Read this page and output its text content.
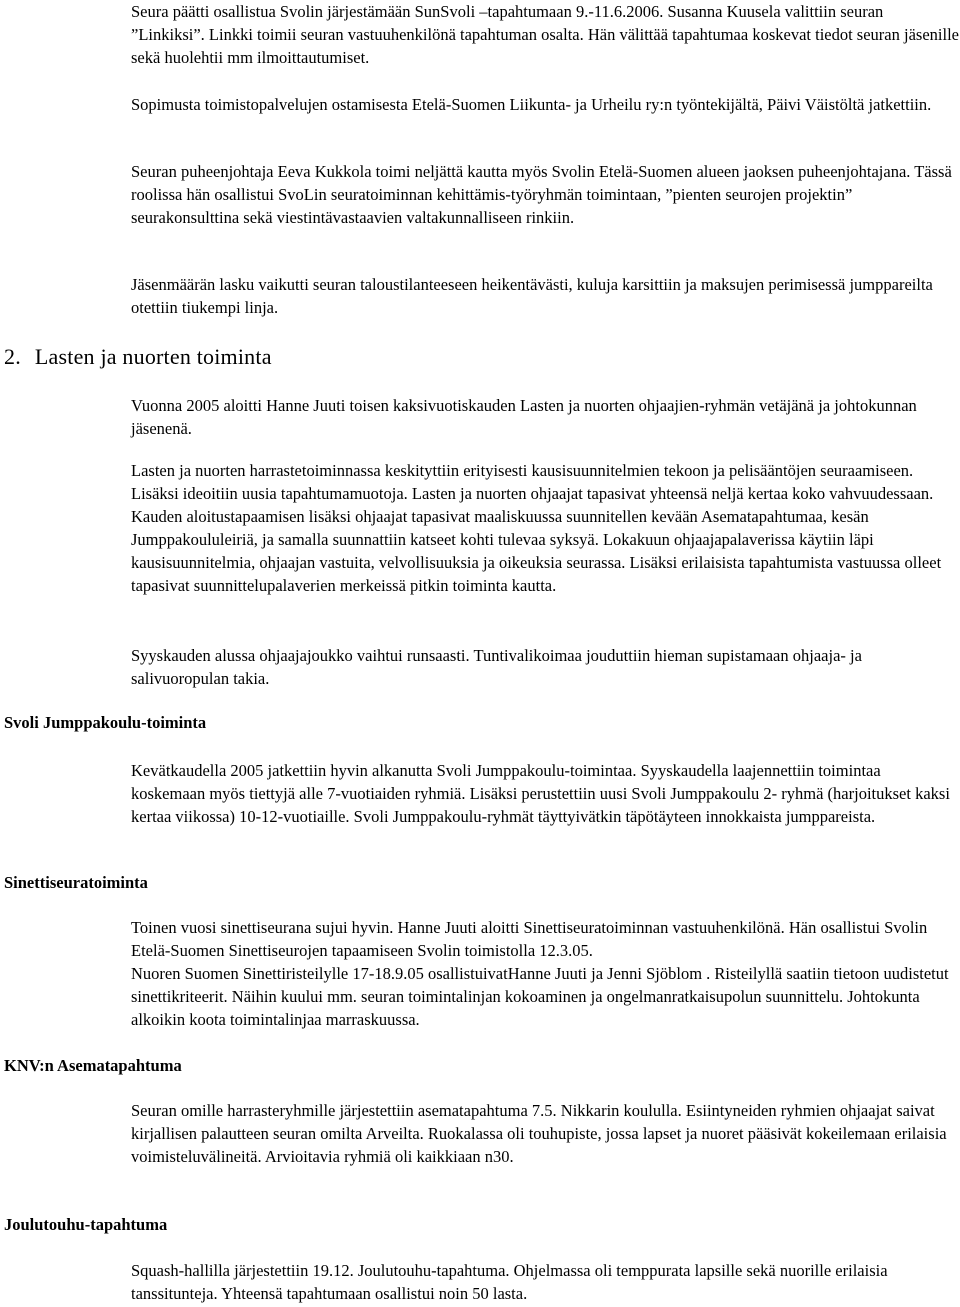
Seura päätti osallistua Svolin järjestämään SunSvoli –tapahtumaan 9.-11.6.2006. Susanna Kuusela valittiin seuran ”Linkiksi”. Linkki toimii seuran vastuuhenkilönä tapahtuman osalta. Hän välittää tapahtumaa koskevat tiedot seuran jäsenille sekä huolehtii mm ilmoittautumiset.

Sopimusta toimistopalvelujen ostamisesta Etelä-Suomen Liikunta- ja Urheilu ry:n työntekijältä, Päivi Väistöltä jatkettiin.

Seuran puheenjohtaja Eeva Kukkola toimi neljättä kautta myös Svolin Etelä-Suomen alueen jaoksen puheenjohtajana. Tässä roolissa hän osallistui SvoLin seuratoiminnan kehittämis-työryhmän toimintaan, ”pienten seurojen projektin” seurakonsulttina sekä viestintävastaavien valtakunnalliseen rinkiin.

Jäsenmäärän lasku vaikutti seuran taloustilanteeseen heikentävästi, kuluja karsittiin ja maksujen perimisessä jumppareilta otettiin tiukempi linja.

2. Lasten ja nuorten toiminta

Vuonna 2005 aloitti Hanne Juuti toisen kaksivuotiskauden Lasten ja nuorten ohjaajien-ryhmän vetäjänä ja johtokunnan jäsenenä.

Lasten ja nuorten harrastetoiminnassa keskityttiin erityisesti kausisuunnitelmien tekoon ja pelisääntöjen seuraamiseen. Lisäksi ideoitiin uusia tapahtumamuotoja. Lasten ja nuorten ohjaajat tapasivat yhteensä neljä kertaa koko vahvuudessaan. Kauden aloitustapaamisen lisäksi ohjaajat tapasivat maaliskuussa suunnitellen kevään Asematapahtumaa, kesän Jumppakoululeiriä, ja samalla suunnattiin katseet kohti tulevaa syksyä. Lokakuun ohjaajapalaverissa käytiin läpi kausisuunnitelmia, ohjaajan vastuita, velvollisuuksia ja oikeuksia seurassa. Lisäksi erilaisista tapahtumista vastuussa olleet tapasivat suunnittelupalaverien merkeissä pitkin toiminta kautta.

Syyskauden alussa ohjaajajoukko vaihtui runsaasti. Tuntivalikoimaa jouduttiin hieman supistamaan ohjaaja- ja salivuoropulan takia.

Svoli Jumppakoulu-toiminta

Kevätkaudella 2005 jatkettiin hyvin alkanutta Svoli Jumppakoulu-toimintaa. Syyskaudella laajennettiin toimintaa koskemaan myös tiettyjä alle 7-vuotiaiden ryhmiä. Lisäksi perustettiin uusi Svoli Jumppakoulu 2- ryhmä (harjoitukset kaksi kertaa viikossa) 10-12-vuotiaille. Svoli Jumppakoulu-ryhmät täyttyivätkin täpötäyteen innokkaista jumppareista.

Sinettiseuratoiminta

Toinen vuosi sinettiseurana sujui hyvin. Hanne Juuti aloitti Sinettiseuratoiminnan vastuuhenkilönä. Hän osallistui Svolin Etelä-Suomen Sinettiseurojen tapaamiseen Svolin toimistolla 12.3.05.

Nuoren Suomen Sinettiristeilylle 17-18.9.05 osallistuivatHanne Juuti ja Jenni Sjöblom . Risteilyllä saatiin tietoon uudistetut sinettikriteerit. Näihin kuului mm. seuran toimintalinjan kokoaminen ja ongelmanratkaisupolun suunnittelu. Johtokunta alkoikin koota toimintalinjaa marraskuussa.

KNV:n Asematapahtuma

Seuran omille harrasteryhmille järjestettiin asematapahtuma 7.5. Nikkarin koululla. Esiintyneiden ryhmien ohjaajat saivat kirjallisen palautteen seuran omilta Arveilta. Ruokalassa oli touhupiste, jossa lapset ja nuoret pääsivät kokeilemaan erilaisia voimisteluvälineitä. Arvioitavia ryhmiä oli kaikkiaan n30.

Joulutouhu-tapahtuma

Squash-hallilla järjestettiin 19.12. Joulutouhu-tapahtuma. Ohjelmassa oli temppurata lapsille sekä nuorille erilaisia tanssitunteja. Yhteensä tapahtumaan osallistui noin 50 lasta.
